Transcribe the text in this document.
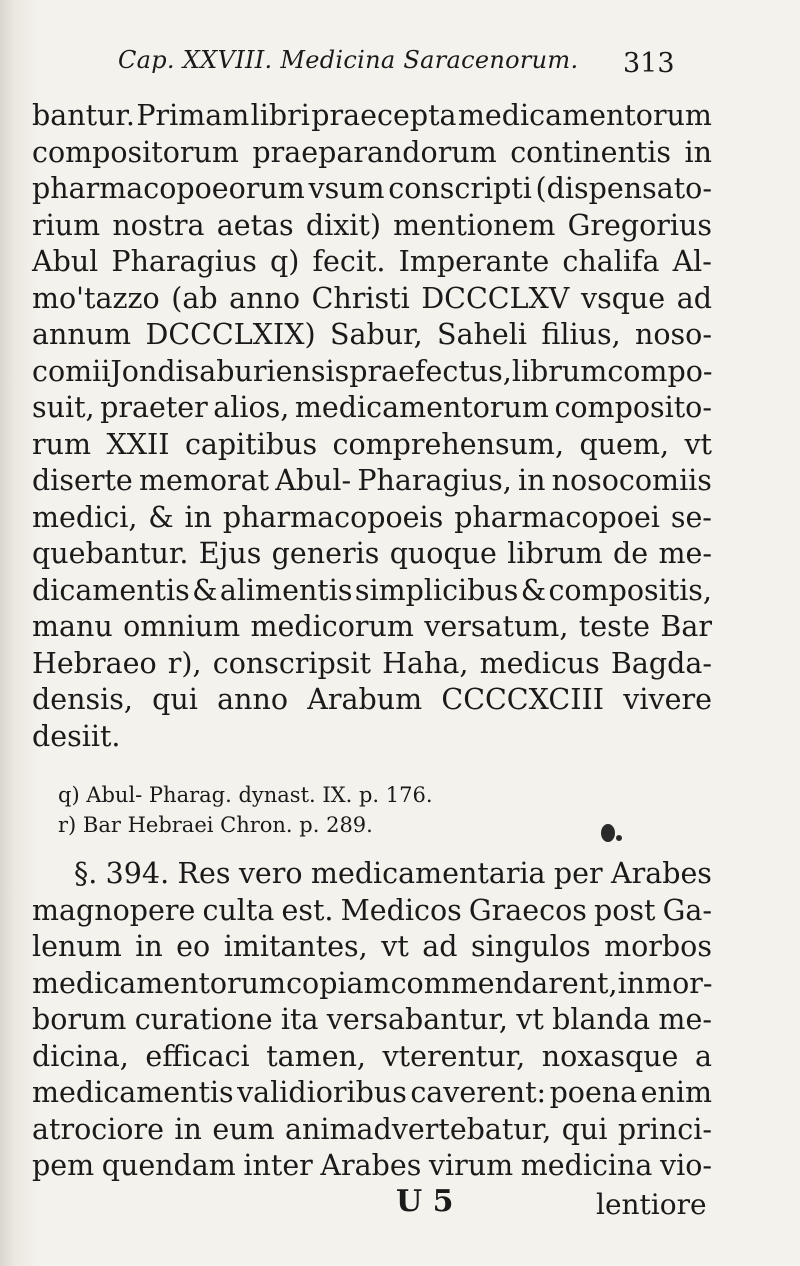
Cap. XXVIII. Medicina Saracenorum. 313
bantur. Primam libri praecepta medicamentorum
compositorum praeparandorum continentis in
pharmacopoeorum vsum conscripti (dispensato-
rium nostra aetas dixit) mentionem Gregorius
Abul Pharagius q) fecit. Imperante chalifa Al-
mo'tazzo (ab anno Christi DCCCLXV vsque ad
annum DCCCLXIX) Sabur, Saheli filius, noso-
comii Jondisaburiensis praefectus, librum compo-
suit, praeter alios, medicamentorum composito-
rum XXII capitibus comprehensum, quem, vt
diserte memorat Abul- Pharagius, in nosocomiis
medici, & in pharmacopoeis pharmacopoei se-
quebantur. Ejus generis quoque librum de me-
dicamentis & alimentis simplicibus & compositis,
manu omnium medicorum versatum, teste Bar
Hebraeo r), conscripsit Haha, medicus Bagda-
densis, qui anno Arabum CCCCXCIII vivere
desiit.
q) Abul- Pharag. dynast. IX. p. 176.
r) Bar Hebraei Chron. p. 289.
§. 394. Res vero medicamentaria per Arabes
magnopere culta est. Medicos Graecos post Ga-
lenum in eo imitantes, vt ad singulos morbos
medicamentorum copiam commendarent, in mor-
borum curatione ita versabantur, vt blanda me-
dicina, efficaci tamen, vterentur, noxasque a
medicamentis validioribus caverent: poena enim
atrociore in eum animadvertebatur, qui princi-
pem quendam inter Arabes virum medicina vio-
U 5	lentiore
